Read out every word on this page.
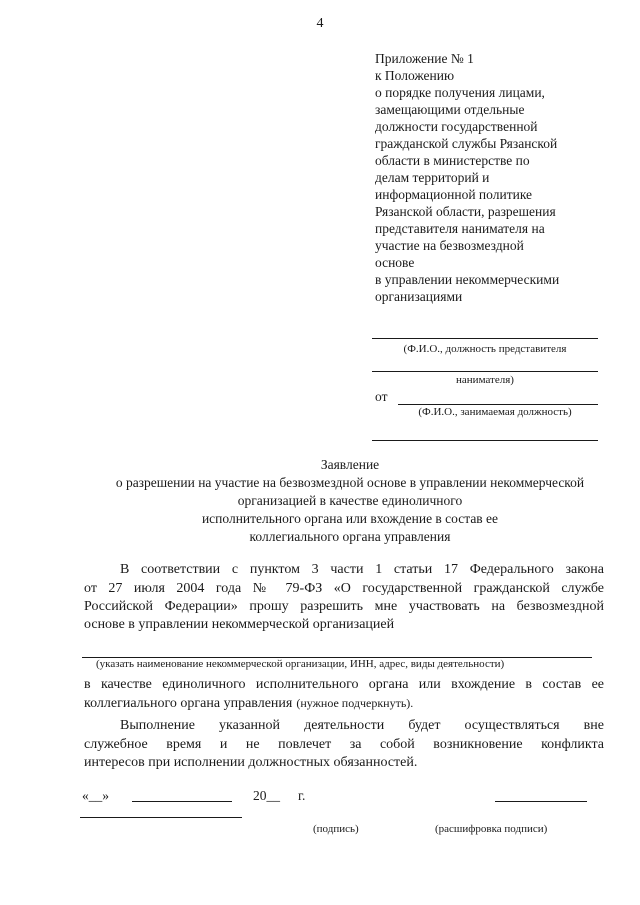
4
Приложение № 1
к Положению
о порядке получения лицами,
замещающими отдельные
должности государственной
гражданской службы Рязанской
области в министерстве по
делам территорий и
информационной политике
Рязанской области, разрешения
представителя нанимателя на
участие на безвозмездной
основе
в управлении некоммерческими
организациями
(Ф.И.О., должность представителя
нанимателя)
от
(Ф.И.О., занимаемая должность)
Заявление
о разрешении на участие на безвозмездной основе в управлении некоммерческой
организацией в качестве единоличного
исполнительного органа или вхождение в состав ее
коллегиального органа управления
В соответствии с пунктом 3 части 1 статьи 17 Федерального закона
от 27 июля 2004 года № 79-ФЗ «О государственной гражданской службе
Российской Федерации» прошу разрешить мне участвовать на безвозмездной
основе в управлении некоммерческой организацией
(указать наименование некоммерческой организации, ИНН, адрес, виды деятельности)
в качестве единоличного исполнительного органа или вхождение в состав ее
коллегиального органа управления (нужное подчеркнуть).
Выполнение указанной деятельности будет осуществляться вне
служебное время и не повлечет за собой возникновение конфликта
интересов при исполнении должностных обязанностей.
«__»	20__ г.
(подпись)	(расшифровка подписи)
